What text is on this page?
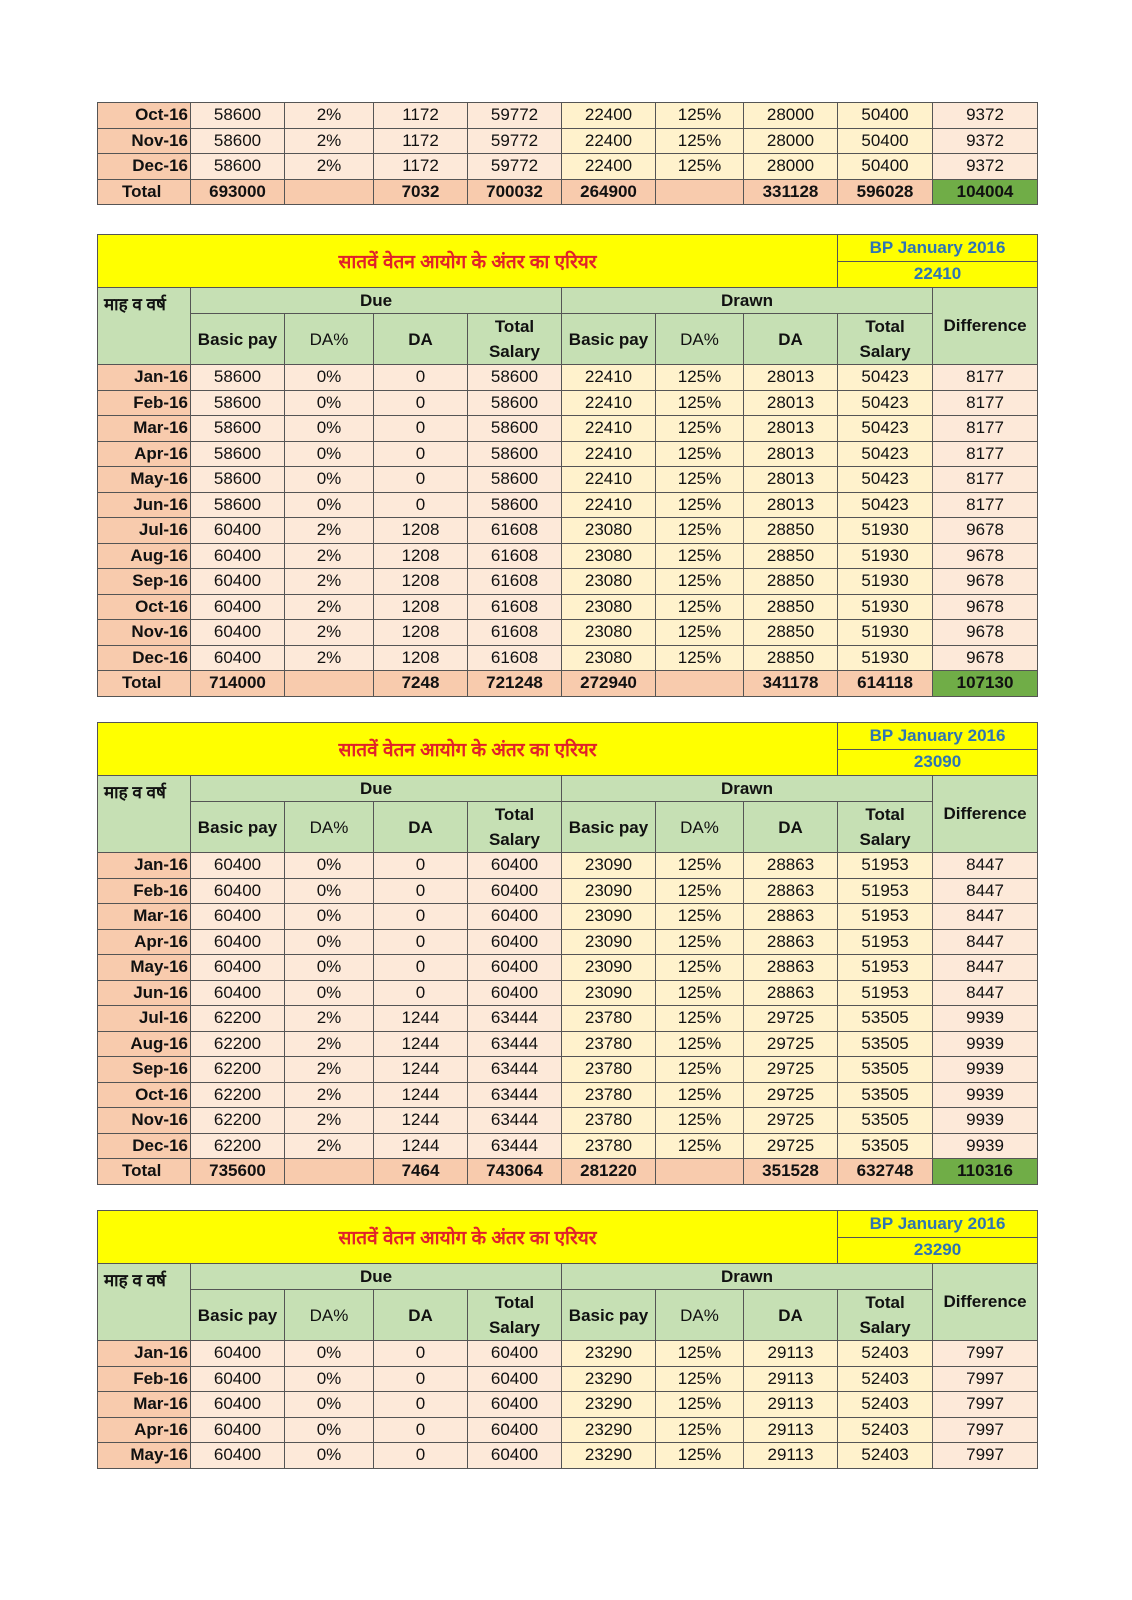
Oct-16	58600	2%	1172	59772	22400	125%	28000	50400	9372
Nov-16	58600	2%	1172	59772	22400	125%	28000	50400	9372
Dec-16	58600	2%	1172	59772	22400	125%	28000	50400	9372
Total	693000		7032	700032	264900		331128	596028	104004
सातवें वेतन आयोग के अंतर का एरियर								BP January 2016	
								22410	
माह व वर्ष	Due				Drawn				Difference
	Basic pay	DA%	DA	Total Salary	Basic pay	DA%	DA	Total Salary	
Jan-16	58600	0%	0	58600	22410	125%	28013	50423	8177
Feb-16	58600	0%	0	58600	22410	125%	28013	50423	8177
Mar-16	58600	0%	0	58600	22410	125%	28013	50423	8177
Apr-16	58600	0%	0	58600	22410	125%	28013	50423	8177
May-16	58600	0%	0	58600	22410	125%	28013	50423	8177
Jun-16	58600	0%	0	58600	22410	125%	28013	50423	8177
Jul-16	60400	2%	1208	61608	23080	125%	28850	51930	9678
Aug-16	60400	2%	1208	61608	23080	125%	28850	51930	9678
Sep-16	60400	2%	1208	61608	23080	125%	28850	51930	9678
Oct-16	60400	2%	1208	61608	23080	125%	28850	51930	9678
Nov-16	60400	2%	1208	61608	23080	125%	28850	51930	9678
Dec-16	60400	2%	1208	61608	23080	125%	28850	51930	9678
Total	714000		7248	721248	272940		341178	614118	107130
सातवें वेतन आयोग के अंतर का एरियर								BP January 2016	
								23090	
माह व वर्ष	Due				Drawn				Difference
	Basic pay	DA%	DA	Total Salary	Basic pay	DA%	DA	Total Salary	
Jan-16	60400	0%	0	60400	23090	125%	28863	51953	8447
Feb-16	60400	0%	0	60400	23090	125%	28863	51953	8447
Mar-16	60400	0%	0	60400	23090	125%	28863	51953	8447
Apr-16	60400	0%	0	60400	23090	125%	28863	51953	8447
May-16	60400	0%	0	60400	23090	125%	28863	51953	8447
Jun-16	60400	0%	0	60400	23090	125%	28863	51953	8447
Jul-16	62200	2%	1244	63444	23780	125%	29725	53505	9939
Aug-16	62200	2%	1244	63444	23780	125%	29725	53505	9939
Sep-16	62200	2%	1244	63444	23780	125%	29725	53505	9939
Oct-16	62200	2%	1244	63444	23780	125%	29725	53505	9939
Nov-16	62200	2%	1244	63444	23780	125%	29725	53505	9939
Dec-16	62200	2%	1244	63444	23780	125%	29725	53505	9939
Total	735600		7464	743064	281220		351528	632748	110316
सातवें वेतन आयोग के अंतर का एरियर								BP January 2016	
								23290	
माह व वर्ष	Due				Drawn				Difference
	Basic pay	DA%	DA	Total Salary	Basic pay	DA%	DA	Total Salary	
Jan-16	60400	0%	0	60400	23290	125%	29113	52403	7997
Feb-16	60400	0%	0	60400	23290	125%	29113	52403	7997
Mar-16	60400	0%	0	60400	23290	125%	29113	52403	7997
Apr-16	60400	0%	0	60400	23290	125%	29113	52403	7997
May-16	60400	0%	0	60400	23290	125%	29113	52403	7997
